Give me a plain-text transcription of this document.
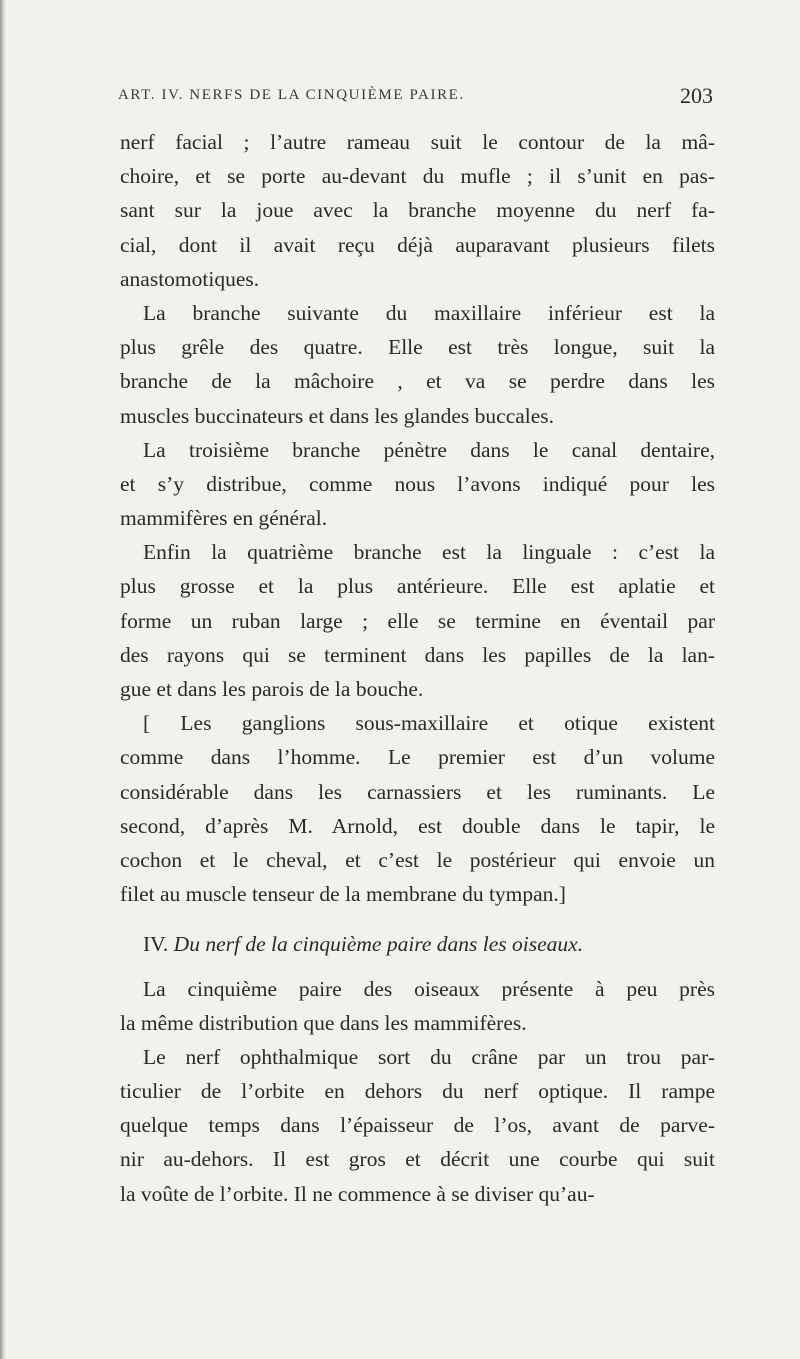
ART. IV. NERFS DE LA CINQUIÈME PAIRE.	203
nerf facial ; l’autre rameau suit le contour de la mâ-
choire, et se porte au-devant du mufle ; il s’unit en pas-
sant sur la joue avec la branche moyenne du nerf fa-
cial, dont il avait reçu déjà auparavant plusieurs filets
anastomotiques.
La branche suivante du maxillaire inférieur est la
plus grêle des quatre. Elle est très longue, suit la
branche de la mâchoire , et va se perdre dans les
muscles buccinateurs et dans les glandes buccales.
La troisième branche pénètre dans le canal dentaire,
et s’y distribue, comme nous l’avons indiqué pour les
mammifères en général.
Enfin la quatrième branche est la linguale : c’est la
plus grosse et la plus antérieure. Elle est aplatie et
forme un ruban large ; elle se termine en éventail par
des rayons qui se terminent dans les papilles de la lan-
gue et dans les parois de la bouche.
[ Les ganglions sous-maxillaire et otique existent
comme dans l’homme. Le premier est d’un volume
considérable dans les carnassiers et les ruminants. Le
second, d’après M. Arnold, est double dans le tapir, le
cochon et le cheval, et c’est le postérieur qui envoie un
filet au muscle tenseur de la membrane du tympan.]
IV. Du nerf de la cinquième paire dans les oiseaux.
La cinquième paire des oiseaux présente à peu près
la même distribution que dans les mammifères.
Le nerf ophthalmique sort du crâne par un trou par-
ticulier de l’orbite en dehors du nerf optique. Il rampe
quelque temps dans l’épaisseur de l’os, avant de parve-
nir au-dehors. Il est gros et décrit une courbe qui suit
la voûte de l’orbite. Il ne commence à se diviser qu’au-
